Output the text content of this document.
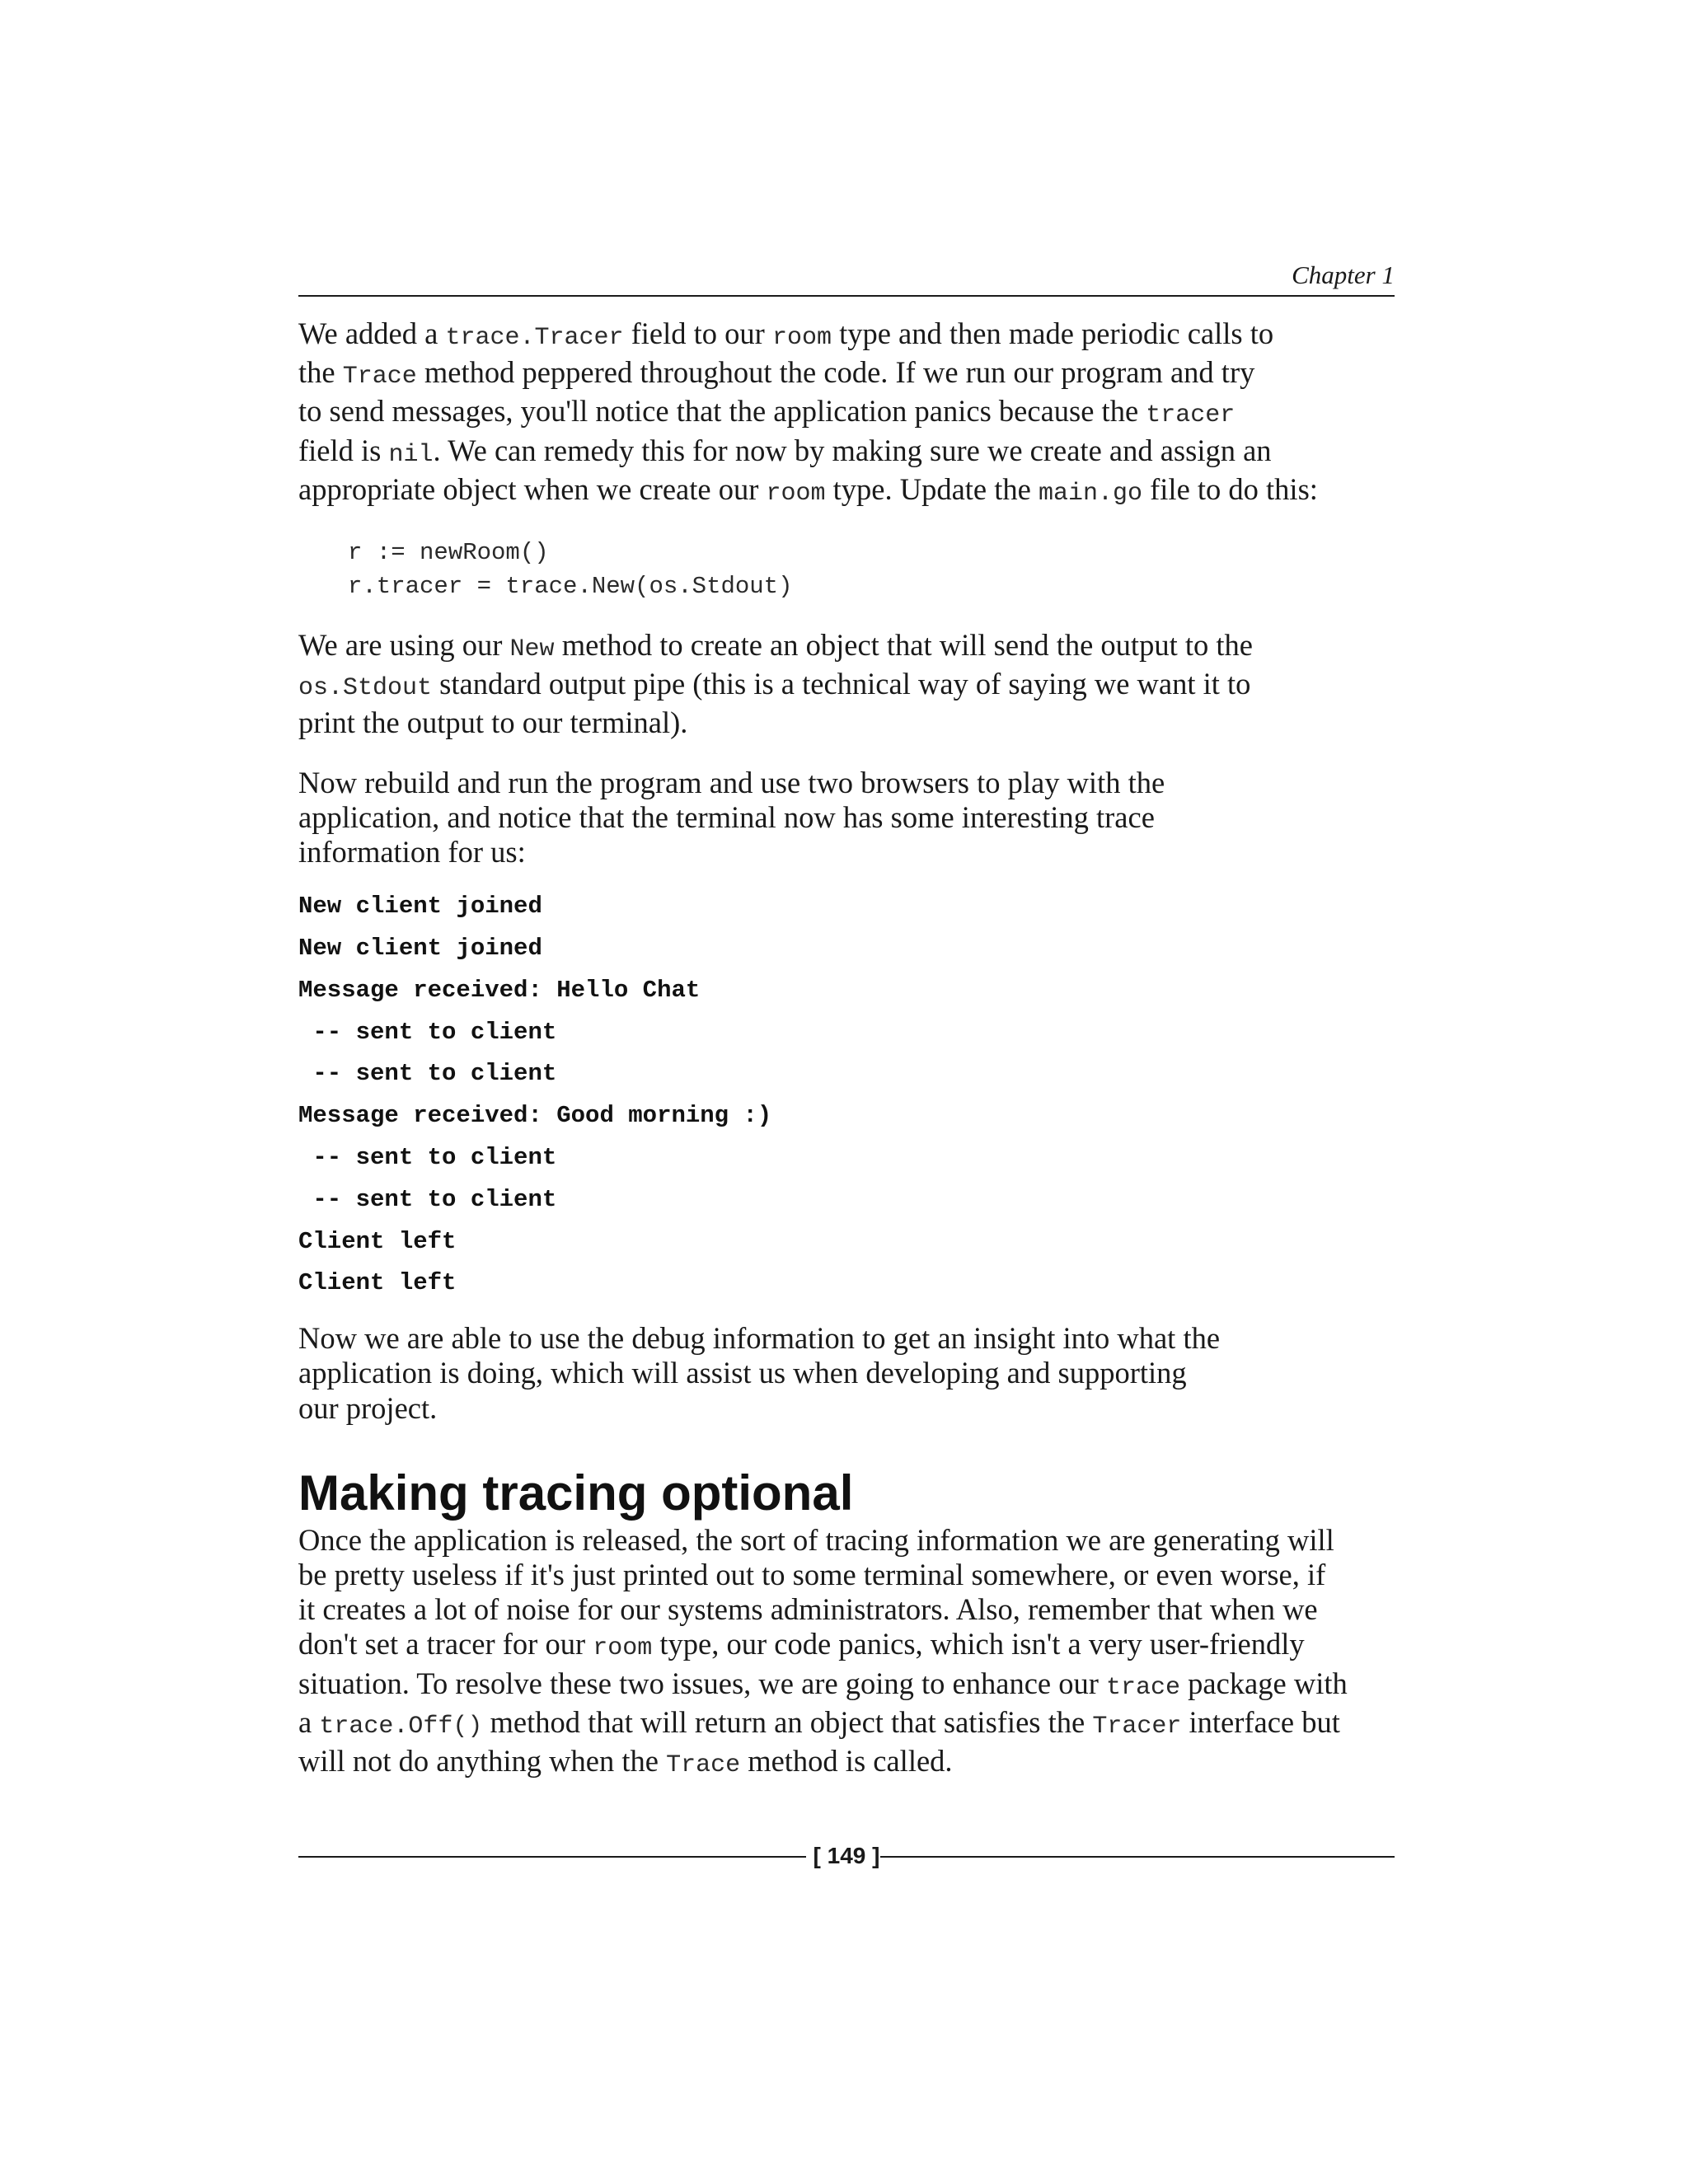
Chapter 1

We added a trace.Tracer field to our room type and then made periodic calls to
the Trace method peppered throughout the code. If we run our program and try
to send messages, you'll notice that the application panics because the tracer
field is nil. We can remedy this for now by making sure we create and assign an
appropriate object when we create our room type. Update the main.go file to do this:

r := newRoom()
r.tracer = trace.New(os.Stdout)

We are using our New method to create an object that will send the output to the
os.Stdout standard output pipe (this is a technical way of saying we want it to
print the output to our terminal).

Now rebuild and run the program and use two browsers to play with the
application, and notice that the terminal now has some interesting trace
information for us:

New client joined
New client joined
Message received: Hello Chat
-- sent to client
-- sent to client
Message received: Good morning :)
-- sent to client
-- sent to client
Client left
Client left

Now we are able to use the debug information to get an insight into what the
application is doing, which will assist us when developing and supporting
our project.

Making tracing optional

Once the application is released, the sort of tracing information we are generating will
be pretty useless if it's just printed out to some terminal somewhere, or even worse, if
it creates a lot of noise for our systems administrators. Also, remember that when we
don't set a tracer for our room type, our code panics, which isn't a very user-friendly
situation. To resolve these two issues, we are going to enhance our trace package with
a trace.Off() method that will return an object that satisfies the Tracer interface but
will not do anything when the Trace method is called.

[ 149 ]
